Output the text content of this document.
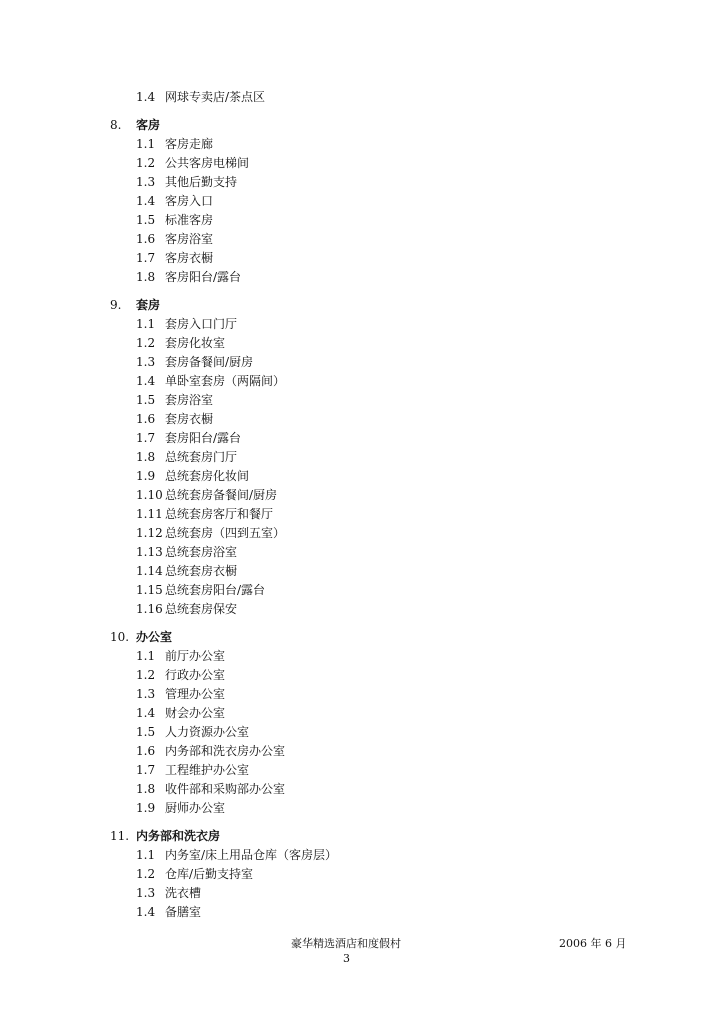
1.4 网球专卖店/茶点区
8. 客房
1.1 客房走廊
1.2 公共客房电梯间
1.3 其他后勤支持
1.4 客房入口
1.5 标准客房
1.6 客房浴室
1.7 客房衣橱
1.8 客房阳台/露台
9. 套房
1.1 套房入口门厅
1.2 套房化妆室
1.3 套房备餐间/厨房
1.4 单卧室套房（两隔间）
1.5 套房浴室
1.6 套房衣橱
1.7 套房阳台/露台
1.8 总统套房门厅
1.9 总统套房化妆间
1.10 总统套房备餐间/厨房
1.11 总统套房客厅和餐厅
1.12 总统套房（四到五室）
1.13 总统套房浴室
1.14 总统套房衣橱
1.15 总统套房阳台/露台
1.16 总统套房保安
10. 办公室
1.1 前厅办公室
1.2 行政办公室
1.3 管理办公室
1.4 财会办公室
1.5 人力资源办公室
1.6 内务部和洗衣房办公室
1.7 工程维护办公室
1.8 收件部和采购部办公室
1.9 厨师办公室
11. 内务部和洗衣房
1.1 内务室/床上用品仓库（客房层）
1.2 仓库/后勤支持室
1.3 洗衣槽
1.4 备膳室
豪华精选酒店和度假村	2006 年 6 月
3
